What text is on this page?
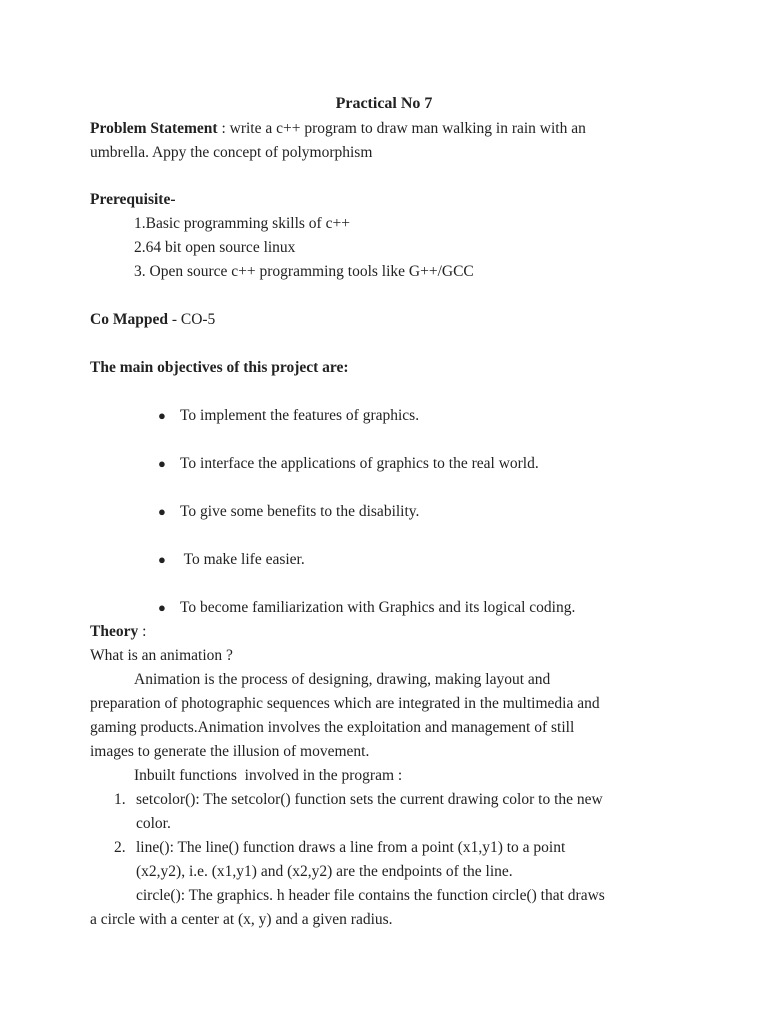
Practical No 7
Problem Statement : write a c++ program to draw man walking in rain with an
umbrella. Appy the concept of polymorphism
Prerequisite-
1.Basic programming skills of c++
2.64 bit open source linux
3. Open source c++ programming tools like G++/GCC
Co Mapped - CO-5
The main objectives of this project are:
● To implement the features of graphics.
● To interface the applications of graphics to the real world.
● To give some benefits to the disability.
● To make life easier.
● To become familiarization with Graphics and its logical coding.
Theory :
What is an animation ?
Animation is the process of designing, drawing, making layout and
preparation of photographic sequences which are integrated in the multimedia and
gaming products.Animation involves the exploitation and management of still
images to generate the illusion of movement.
Inbuilt functions  involved in the program :
1. setcolor(): The setcolor() function sets the current drawing color to the new
color.
2. line(): The line() function draws a line from a point (x1,y1) to a point
(x2,y2), i.e. (x1,y1) and (x2,y2) are the endpoints of the line.
circle(): The graphics. h header file contains the function circle() that draws
a circle with a center at (x, y) and a given radius.
